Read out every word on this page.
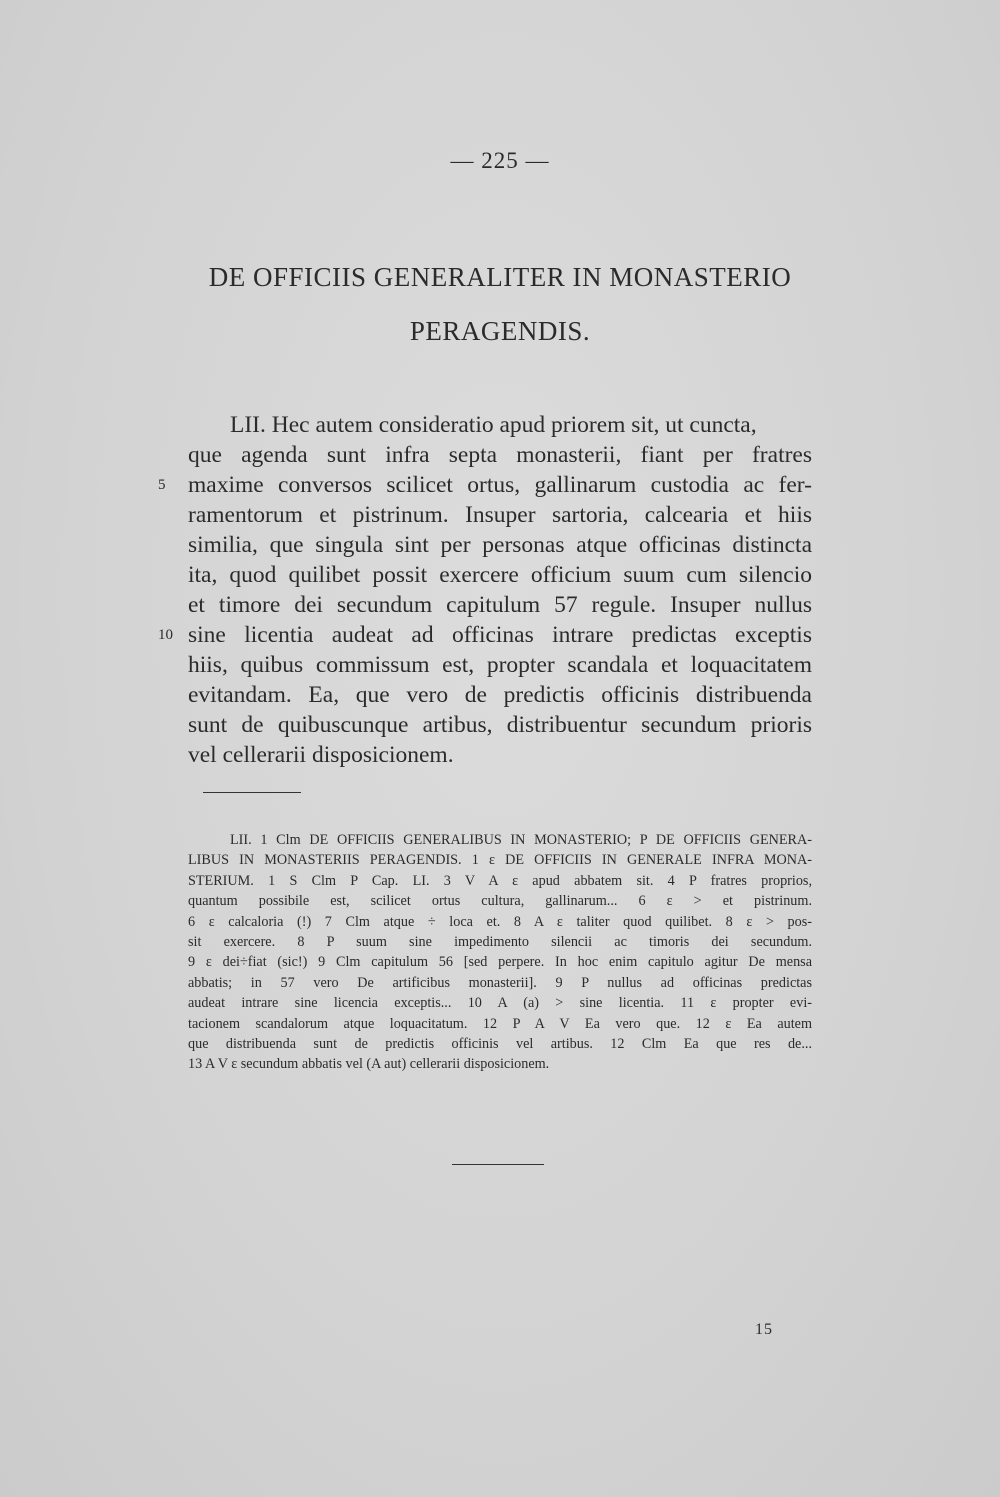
— 225 —
DE OFFICIIS GENERALITER IN MONASTERIO
PERAGENDIS.
LII. Hec autem consideratio apud priorem sit, ut cuncta,
que agenda sunt infra septa monasterii, fiant per fratres
5 maxime conversos scilicet ortus, gallinarum custodia ac fer-
ramentorum et pistrinum. Insuper sartoria, calcearia et hiis
similia, que singula sint per personas atque officinas distincta
ita, quod quilibet possit exercere officium suum cum silencio
et timore dei secundum capitulum 57 regule. Insuper nullus
10 sine licentia audeat ad officinas intrare predictas exceptis
hiis, quibus commissum est, propter scandala et loquacitatem
evitandam. Ea, que vero de predictis officinis distribuenda
sunt de quibuscunque artibus, distribuentur secundum prioris
vel cellerarii disposicionem.
LII. 1 Clm DE OFFICIIS GENERALIBUS IN MONASTERIO; P DE OFFICIIS GENERA-
LIBUS IN MONASTERIIS PERAGENDIS. 1 ε DE OFFICIIS IN GENERALE INFRA MONA-
STERIUM. 1 S Clm P Cap. LI. 3 V A ε apud abbatem sit. 4 P fratres proprios,
quantum possibile est, scilicet ortus cultura, gallinarum... 6 ε > et pistrinum.
6 ε calcaloria (!) 7 Clm atque ÷ loca et. 8 A ε taliter quod quilibet. 8 ε > pos-
sit exercere. 8 P suum sine impedimento silencii ac timoris dei secundum.
9 ε dei÷fiat (sic!) 9 Clm capitulum 56 [sed perpere. In hoc enim capitulo agitur De mensa
abbatis; in 57 vero De artificibus monasterii]. 9 P nullus ad officinas predictas
audeat intrare sine licencia exceptis... 10 A (a) > sine licentia. 11 ε propter evi-
tacionem scandalorum atque loquacitatum. 12 P A V Ea vero que. 12 ε Ea autem
que distribuenda sunt de predictis officinis vel artibus. 12 Clm Ea que res de...
13 A V ε secundum abbatis vel (A aut) cellerarii disposicionem.
15
